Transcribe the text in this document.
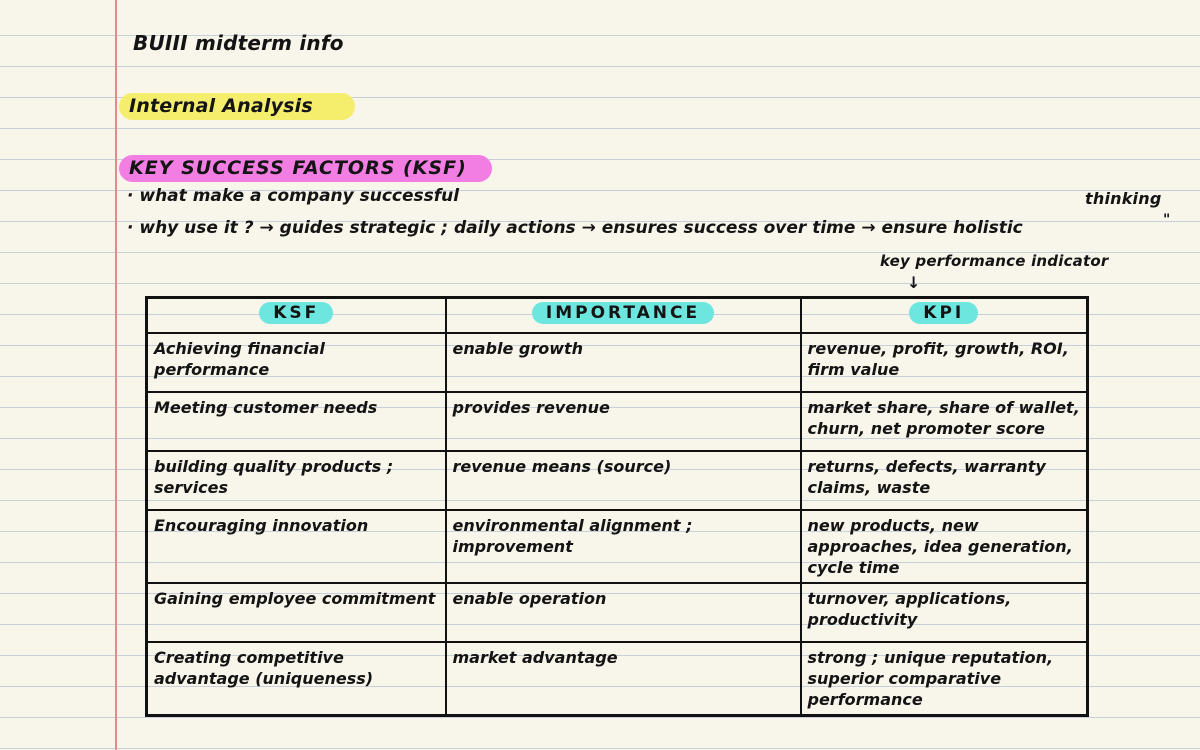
BUIII midterm info
Internal Analysis
KEY SUCCESS FACTORS (KSF)
· what make a company successful
· why use it ? → guides strategic ; daily actions → ensures success over time → ensure holistic
thinking
"
key performance indicator
↓
KSF	IMPORTANCE	KPI

Achieving financial performance	enable growth	revenue, profit, growth, ROI, firm value

Meeting customer needs	provides revenue	market share, share of wallet, churn, net promoter score

building quality products ; services	revenue means (source)	returns, defects, warranty claims, waste

Encouraging innovation	environmental alignment ; improvement	new products, new approaches, idea generation, cycle time

Gaining employee commitment	enable operation	turnover, applications, productivity

Creating competitive advantage (uniqueness)	market advantage	strong ; unique reputation, superior comparative performance
